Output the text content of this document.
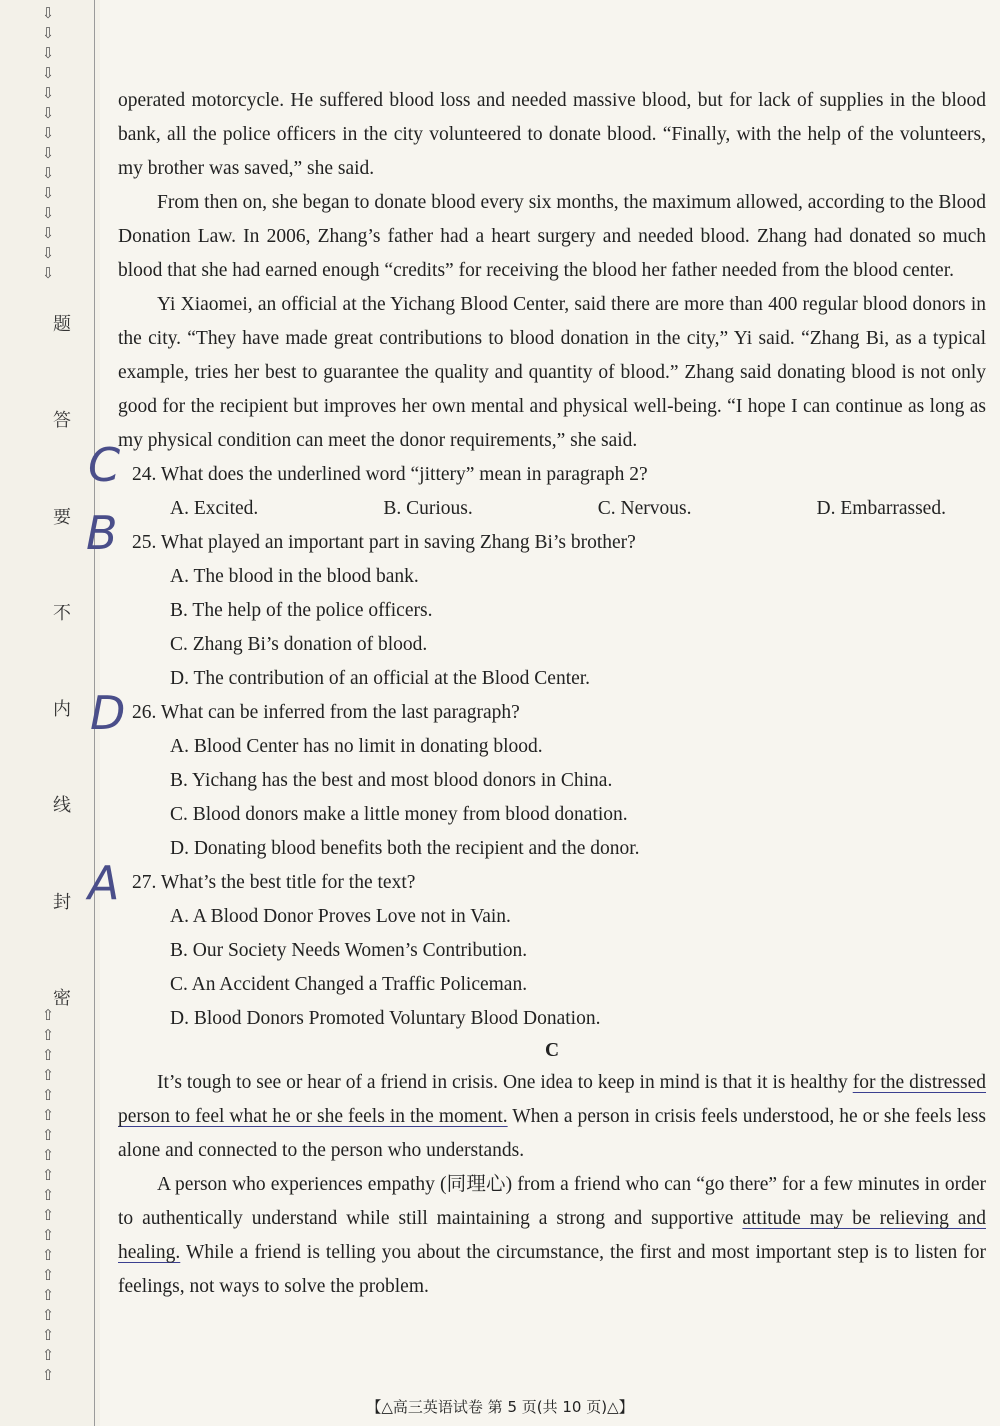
⇩
⇩
⇩
⇩
⇩
⇩
⇩
⇩
⇩
⇩
⇩
⇩
⇩
⇩
题
答
要
不
内
线
封
密
⇧
⇧
⇧
⇧
⇧
⇧
⇧
⇧
⇧
⇧
⇧
⇧
⇧
⇧
⇧
⇧
⇧
⇧
⇧

operated motorcycle. He suffered blood loss and needed massive blood, but for lack of supplies in the blood bank, all the police officers in the city volunteered to donate blood. “Finally, with the help of the volunteers, my brother was saved,” she said.

From then on, she began to donate blood every six months, the maximum allowed, according to the Blood Donation Law. In 2006, Zhang’s father had a heart surgery and needed blood. Zhang had donated so much blood that she had earned enough “credits” for receiving the blood her father needed from the blood center.

Yi Xiaomei, an official at the Yichang Blood Center, said there are more than 400 regular blood donors in the city. “They have made great contributions to blood donation in the city,” Yi said. “Zhang Bi, as a typical example, tries her best to guarantee the quality and quantity of blood.” Zhang said donating blood is not only good for the recipient but improves her own mental and physical well-being. “I hope I can continue as long as my physical condition can meet the donor requirements,” she said.

C 24. What does the underlined word “jittery” mean in paragraph 2?

A. Excited.	B. Curious.	C. Nervous.	D. Embarrassed.
B 25. What played an important part in saving Zhang Bi’s brother?

A. The blood in the blood bank.

B. The help of the police officers.

C. Zhang Bi’s donation of blood.

D. The contribution of an official at the Blood Center.

D 26. What can be inferred from the last paragraph?

A. Blood Center has no limit in donating blood.

B. Yichang has the best and most blood donors in China.

C. Blood donors make a little money from blood donation.

D. Donating blood benefits both the recipient and the donor.

A 27. What’s the best title for the text?

A. A Blood Donor Proves Love not in Vain.

B. Our Society Needs Women’s Contribution.

C. An Accident Changed a Traffic Policeman.

D. Blood Donors Promoted Voluntary Blood Donation.

C

It’s tough to see or hear of a friend in crisis. One idea to keep in mind is that it is healthy for the distressed person to feel what he or she feels in the moment. When a person in crisis feels understood, he or she feels less alone and connected to the person who understands.

A person who experiences empathy (同理心) from a friend who can “go there” for a few minutes in order to authentically understand while still maintaining a strong and supportive attitude may be relieving and healing. While a friend is telling you about the circumstance, the first and most important step is to listen for feelings, not ways to solve the problem.

【△高三英语试卷 第 5 页(共 10 页)△】
